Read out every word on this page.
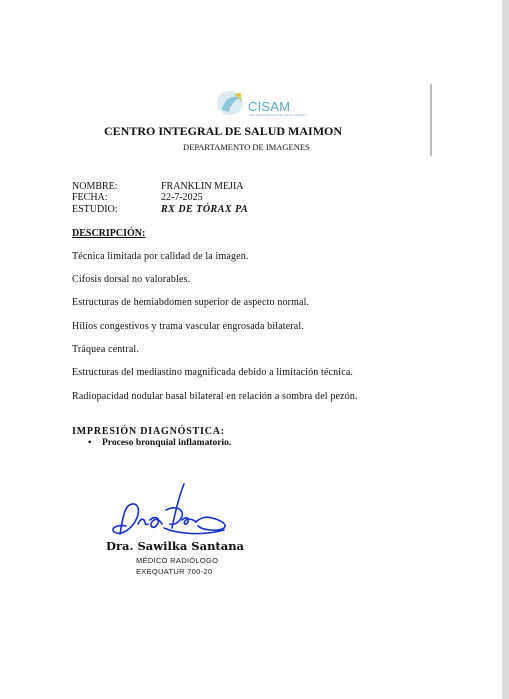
CISAM
CENTRO INTEGRAL DE SALUD MAIMON
CENTRO INTEGRAL DE SALUD MAIMON
DEPARTAMENTO DE IMAGENES
NOMBRE:	FRANKLIN MEJIA
FECHA:	22-7-2025
ESTUDIO:	RX DE TÓRAX PA
DESCRIPCIÓN:
Técnica limitada por calidad de la imagen.
Cifosis dorsal no valorables.
Estructuras de hemiabdomen superior de aspecto normal.
Hilios congestivos y trama vascular engrosada bilateral.
Tráquea central.
Estructuras del mediastino magnificada debido a limitación técnica.
Radiopacidad nodular basal bilateral en relación a sombra del pezón.
IMPRESIÓN DIAGNÓSTICA:
• Proceso bronquial inflamatorio.
Dra. Sawilka Santana
MÉDICO RADIÓLOGO
EXEQUATUR 700-20
